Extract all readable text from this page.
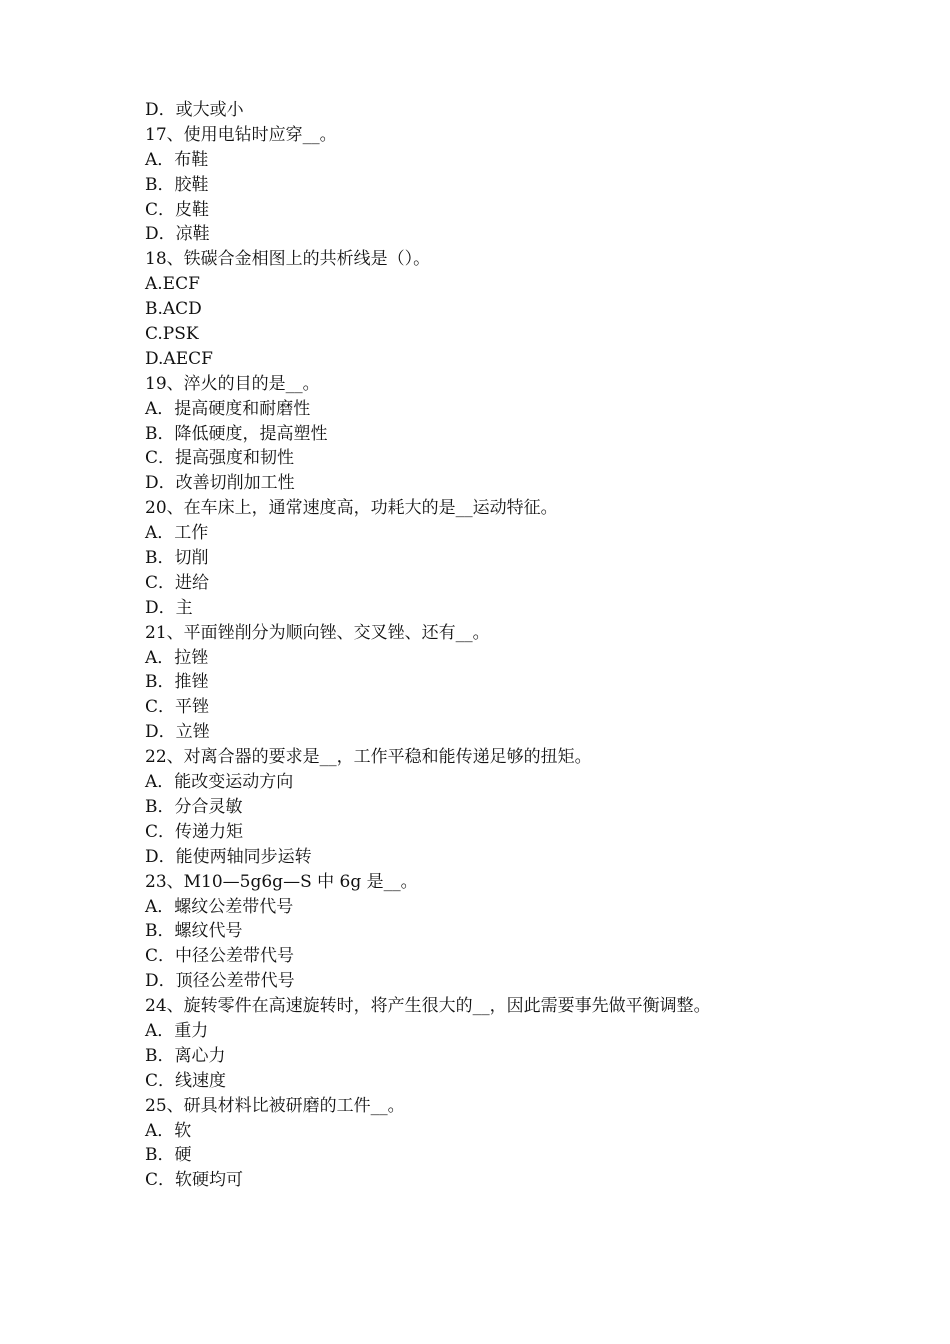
D．或大或小
17、使用电钻时应穿__。
A．布鞋
B．胶鞋
C．皮鞋
D．凉鞋
18、铁碳合金相图上的共析线是（）。
A.ECF
B.ACD
C.PSK
D.AECF
19、淬火的目的是__。
A．提高硬度和耐磨性
B．降低硬度，提高塑性
C．提高强度和韧性
D．改善切削加工性
20、在车床上，通常速度高，功耗大的是__运动特征。
A．工作
B．切削
C．进给
D．主
21、平面锉削分为顺向锉、交叉锉、还有__。
A．拉锉
B．推锉
C．平锉
D．立锉
22、对离合器的要求是__，工作平稳和能传递足够的扭矩。
A．能改变运动方向
B．分合灵敏
C．传递力矩
D．能使两轴同步运转
23、M10—5g6g—S 中 6g 是__。
A．螺纹公差带代号
B．螺纹代号
C．中径公差带代号
D．顶径公差带代号
24、旋转零件在高速旋转时，将产生很大的__，因此需要事先做平衡调整。
A．重力
B．离心力
C．线速度
25、研具材料比被研磨的工件__。
A．软
B．硬
C．软硬均可
